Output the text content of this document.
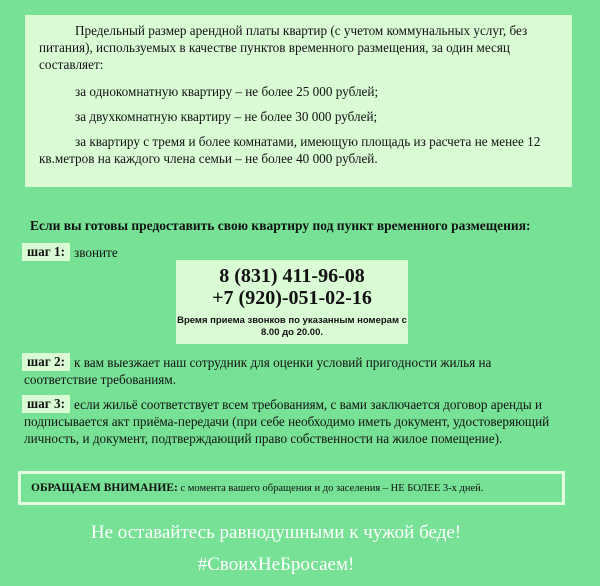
Предельный размер арендной платы квартир (с учетом коммунальных услуг, без питания), используемых в качестве пунктов временного размещения, за один месяц составляет:

за однокомнатную квартиру – не более 25 000 рублей;

за двухкомнатную квартиру – не более 30 000 рублей;

за квартиру с тремя и более комнатами, имеющую площадь из расчета не менее 12 кв.метров на каждого члена семьи – не более 40 000 рублей.

Если вы готовы предоставить свою квартиру под пункт временного размещения:
шаг 1: звоните
8 (831) 411-96-08
+7 (920)-051-02-16
Время приема звонков по указанным номерам с 8.00 до 20.00.
шаг 2: к вам выезжает наш сотрудник для оценки условий пригодности жилья на соответствие требованиям.
шаг 3: если жильё соответствует всем требованиям, с вами заключается договор аренды и подписывается акт приёма-передачи (при себе необходимо иметь документ, удостоверяющий личность, и документ, подтверждающий право собственности на жилое помещение).
ОБРАЩАЕМ ВНИМАНИЕ: с момента вашего обращения и до заселения – НЕ БОЛЕЕ 3-х дней.
Не оставайтесь равнодушными к чужой беде!
#СвоихНеБросаем!
